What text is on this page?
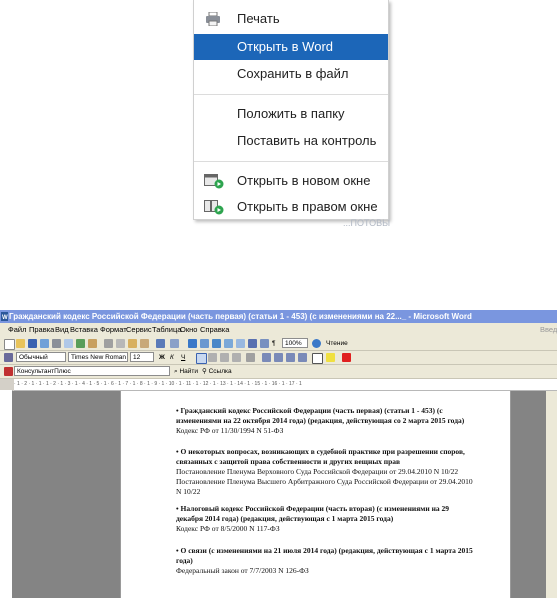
Печать
Открыть в Word
Сохранить в файл
Положить в папку
Поставить на контроль
Открыть в новом окне
Открыть в правом окне
...ПОТОВЫ
W Гражданский кодекс Российской Федерации (часть первая) (статьи 1 - 453) (с изменениями на 22..._ - Microsoft Word
Файл Правка Вид Вставка Формат Сервис Таблица
Окно Справка	Введ
¶	100%	Чтение
Обычный	Times New Roman	12	Ж К Ч
КонсультантПлюс	⌕ Найти ⚲ Ссылка
· 1 · 2 · 1 · 1 · 1 · 2 · 1 · 3 · 1 · 4 · 1 · 5 · 1 · 6 · 1 · 7 · 1 · 8 · 1 · 9 · 1 · 10 · 1 · 11 · 1 · 12 · 1 · 13 · 1 · 14 · 1 · 15 · 1 · 16 · 1 · 17 · 1
• Гражданский кодекс Российской Федерации (часть первая) (статьи 1 - 453) (с изменениями на 22 октября 2014 года) (редакция, действующая со 2 марта 2015 года)
Кодекс РФ от 11/30/1994 N 51-ФЗ
• О некоторых вопросах, возникающих в судебной практике при разрешении споров, связанных с защитой права собственности и других вещных прав
Постановление Пленума Верховного Суда Российской Федерации от 29.04.2010 N 10/22
Постановление Пленума Высшего Арбитражного Суда Российской Федерации от 29.04.2010 N 10/22
• Налоговый кодекс Российской Федерации (часть вторая) (с изменениями на 29 декабря 2014 года) (редакция, действующая с 1 марта 2015 года)
Кодекс РФ от 8/5/2000 N 117-ФЗ
• О связи (с изменениями на 21 июля 2014 года) (редакция, действующая с 1 марта 2015 года)
Федеральный закон от 7/7/2003 N 126-ФЗ
